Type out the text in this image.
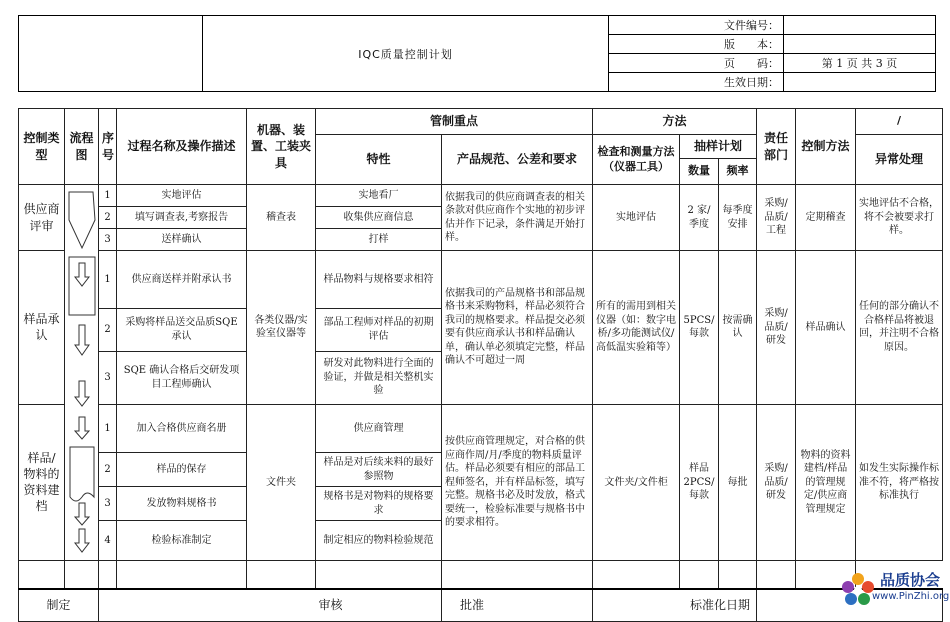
	IQC质量控制计划	文件编号：	
		版　　本：	
		页　　码：	第 1 页 共 3 页
		生效日期：	
控制类型	流程图	序号	过程名称及操作描述	机器、装置、工装夹具	管制重点		方法			责任部门	控制方法	/
					特性	产品规范、公差和要求	检查和测量方法（仪器工具）	抽样计划				异常处理
								数量	频率			
供应商评审		1	实地评估	稽查表	实地看厂	依据我司的供应商调查表的相关条款对供应商作个实地的初步评估并作下记录，条件满足开始打样。	实地评估	2 家/季度	每季度安排	采购/品质/工程	定期稽查	实地评估不合格，将不会被要求打样。
		2	填写调查表,考察报告		收集供应商信息							
		3	送样确认		打样							
样品承认		1	供应商送样并附承认书	各类仪器/实验室仪器等	样品物料与规格要求相符	依据我司的产品规格书和部品规格书来采购物料，样品必须符合我司的规格要求。样品提交必须要有供应商承认书和样品确认单，确认单必须填定完整，样品确认不可超过一周	所有的需用到相关仪器（如：数字电桥/多功能测试仪/高低温实验箱等）	5PCS/每款	按需确认	采购/品质/研发	样品确认	任何的部分确认不合格样品将被退回，并注明不合格原因。
		2	采购将样品送交品质SQE 承认		部品工程师对样品的初期评估							
		3	SQE 确认合格后交研发项目工程师确认		研发对此物料进行全面的验证，并做是相关整机实验							
样品/物料的资料建档		1	加入合格供应商名册	文件夹	供应商管理	按供应商管理规定，对合格的供应商作周/月/季度的物料质量评估。样品必须要有相应的部品工程师签名，并有样品标签，填写完整。规格书必及时发放，格式要统一，检验标准要与规格书中的要求相符。	文件夹/文件柜	样品2PCS/每款	每批	采购/品质/研发	物料的资料建档/样品的管理规定/供应商管理规定	如发生实际操作标准不符，将严格按标准执行
		2	样品的保存		样品是对后续来料的最好参照物							
		3	发放物料规格书		规格书是对物料的规格要求							
		4	检验标准制定		制定相应的物料检验规范							

制定					审核	批准	标准化日期					
品质协会
www.PinZhi.org
